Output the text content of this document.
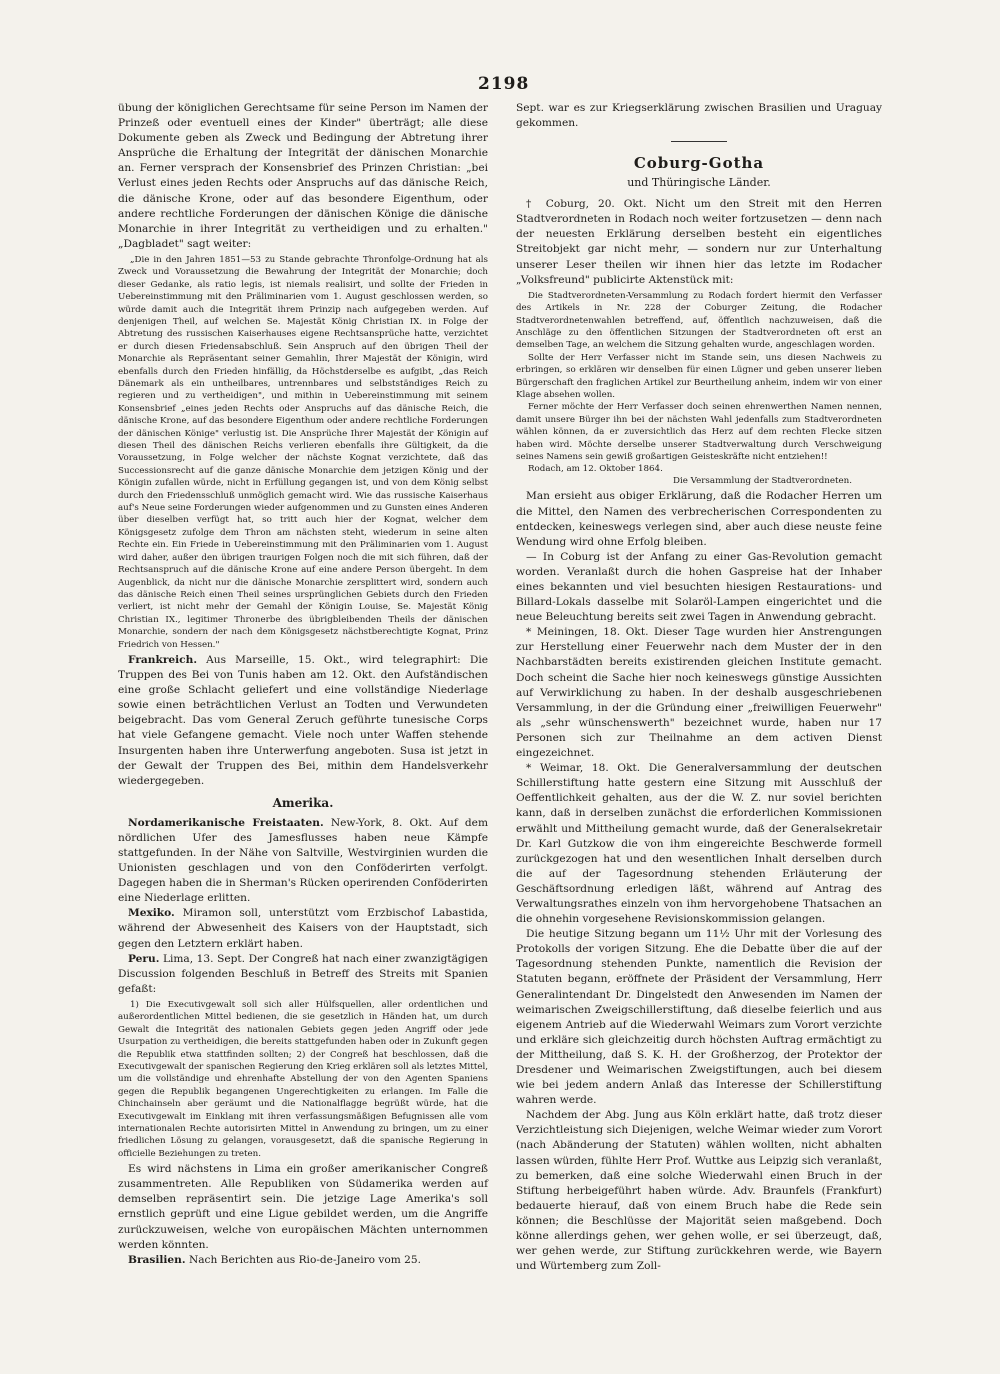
2198

übung der königlichen Gerechtsame für seine Person im Namen der Prinzeß oder eventuell eines der Kinder" überträgt; alle diese Dokumente geben als Zweck und Bedingung der Abtretung ihrer Ansprüche die Erhaltung der Integrität der dänischen Monarchie an. Ferner versprach der Konsensbrief des Prinzen Christian: „bei Verlust eines jeden Rechts oder Anspruchs auf das dänische Reich, die dänische Krone, oder auf das besondere Eigenthum, oder andere rechtliche Forderungen der dänischen Könige die dänische Monarchie in ihrer Integrität zu vertheidigen und zu erhalten." „Dagbladet" sagt weiter:

„Die in den Jahren 1851—53 zu Stande gebrachte Thronfolge-Ordnung hat als Zweck und Voraussetzung die Bewahrung der Integrität der Monarchie; doch dieser Gedanke, als ratio legis, ist niemals realisirt, und sollte der Frieden in Uebereinstimmung mit den Präliminarien vom 1. August geschlossen werden, so würde damit auch die Integrität ihrem Prinzip nach aufgegeben werden. Auf denjenigen Theil, auf welchen Se. Majestät König Christian IX. in Folge der Abtretung des russischen Kaiserhauses eigene Rechtsansprüche hatte, verzichtet er durch diesen Friedensabschluß. Sein Anspruch auf den übrigen Theil der Monarchie als Repräsentant seiner Gemahlin, Ihrer Majestät der Königin, wird ebenfalls durch den Frieden hinfällig, da Höchstderselbe es aufgibt, „das Reich Dänemark als ein untheilbares, untrennbares und selbstständiges Reich zu regieren und zu vertheidigen", und mithin in Uebereinstimmung mit seinem Konsensbrief „eines jeden Rechts oder Anspruchs auf das dänische Reich, die dänische Krone, auf das besondere Eigenthum oder andere rechtliche Forderungen der dänischen Könige" verlustig ist. Die Ansprüche Ihrer Majestät der Königin auf diesen Theil des dänischen Reichs verlieren ebenfalls ihre Gültigkeit, da die Voraussetzung, in Folge welcher der nächste Kognat verzichtete, daß das Successionsrecht auf die ganze dänische Monarchie dem jetzigen König und der Königin zufallen würde, nicht in Erfüllung gegangen ist, und von dem König selbst durch den Friedensschluß unmöglich gemacht wird. Wie das russische Kaiserhaus auf's Neue seine Forderungen wieder aufgenommen und zu Gunsten eines Anderen über dieselben verfügt hat, so tritt auch hier der Kognat, welcher dem Königsgesetz zufolge dem Thron am nächsten steht, wiederum in seine alten Rechte ein. Ein Friede in Uebereinstimmung mit den Präliminarien vom 1. August wird daher, außer den übrigen traurigen Folgen noch die mit sich führen, daß der Rechtsanspruch auf die dänische Krone auf eine andere Person übergeht. In dem Augenblick, da nicht nur die dänische Monarchie zersplittert wird, sondern auch das dänische Reich einen Theil seines ursprünglichen Gebiets durch den Frieden verliert, ist nicht mehr der Gemahl der Königin Louise, Se. Majestät König Christian IX., legitimer Thronerbe des übrigbleibenden Theils der dänischen Monarchie, sondern der nach dem Königsgesetz nächstberechtigte Kognat, Prinz Friedrich von Hessen."

Frankreich. Aus Marseille, 15. Okt., wird telegraphirt: Die Truppen des Bei von Tunis haben am 12. Okt. den Aufständischen eine große Schlacht geliefert und eine vollständige Niederlage sowie einen beträchtlichen Verlust an Todten und Verwundeten beigebracht. Das vom General Zeruch geführte tunesische Corps hat viele Gefangene gemacht. Viele noch unter Waffen stehende Insurgenten haben ihre Unterwerfung angeboten. Susa ist jetzt in der Gewalt der Truppen des Bei, mithin dem Handelsverkehr wiedergegeben.

Amerika.

Nordamerikanische Freistaaten. New-York, 8. Okt. Auf dem nördlichen Ufer des Jamesflusses haben neue Kämpfe stattgefunden. In der Nähe von Saltville, Westvirginien wurden die Unionisten geschlagen und von den Conföderirten verfolgt. Dagegen haben die in Sherman's Rücken operirenden Conföderirten eine Niederlage erlitten.

Mexiko. Miramon soll, unterstützt vom Erzbischof Labastida, während der Abwesenheit des Kaisers von der Hauptstadt, sich gegen den Letztern erklärt haben.

Peru. Lima, 13. Sept. Der Congreß hat nach einer zwanzigtägigen Discussion folgenden Beschluß in Betreff des Streits mit Spanien gefaßt:

1) Die Executivgewalt soll sich aller Hülfsquellen, aller ordentlichen und außerordentlichen Mittel bedienen, die sie gesetzlich in Händen hat, um durch Gewalt die Integrität des nationalen Gebiets gegen jeden Angriff oder jede Usurpation zu vertheidigen, die bereits stattgefunden haben oder in Zukunft gegen die Republik etwa stattfinden sollten; 2) der Congreß hat beschlossen, daß die Executivgewalt der spanischen Regierung den Krieg erklären soll als letztes Mittel, um die vollständige und ehrenhafte Abstellung der von den Agenten Spaniens gegen die Republik begangenen Ungerechtigkeiten zu erlangen. Im Falle die Chinchainseln aber geräumt und die Nationalflagge begrüßt würde, hat die Executivgewalt im Einklang mit ihren verfassungsmäßigen Befugnissen alle vom internationalen Rechte autorisirten Mittel in Anwendung zu bringen, um zu einer friedlichen Lösung zu gelangen, vorausgesetzt, daß die spanische Regierung in officielle Beziehungen zu treten.

Es wird nächstens in Lima ein großer amerikanischer Congreß zusammentreten. Alle Republiken von Südamerika werden auf demselben repräsentirt sein. Die jetzige Lage Amerika's soll ernstlich geprüft und eine Ligue gebildet werden, um die Angriffe zurückzuweisen, welche von europäischen Mächten unternommen werden könnten.

Brasilien. Nach Berichten aus Rio-de-Janeiro vom 25.

Sept. war es zur Kriegserklärung zwischen Brasilien und Uraguay gekommen.

Coburg-Gotha
und Thüringische Länder.

† Coburg, 20. Okt. Nicht um den Streit mit den Herren Stadtverordneten in Rodach noch weiter fortzusetzen — denn nach der neuesten Erklärung derselben besteht ein eigentliches Streitobjekt gar nicht mehr, — sondern nur zur Unterhaltung unserer Leser theilen wir ihnen hier das letzte im Rodacher „Volksfreund" publicirte Aktenstück mit:

Die Stadtverordneten-Versammlung zu Rodach fordert hiermit den Verfasser des Artikels in Nr. 228 der Coburger Zeitung, die Rodacher Stadtverordnetenwahlen betreffend, auf, öffentlich nachzuweisen, daß die Anschläge zu den öffentlichen Sitzungen der Stadtverordneten oft erst an demselben Tage, an welchem die Sitzung gehalten wurde, angeschlagen worden.

Sollte der Herr Verfasser nicht im Stande sein, uns diesen Nachweis zu erbringen, so erklären wir denselben für einen Lügner und geben unserer lieben Bürgerschaft den fraglichen Artikel zur Beurtheilung anheim, indem wir von einer Klage absehen wollen.

Ferner möchte der Herr Verfasser doch seinen ehrenwerthen Namen nennen, damit unsere Bürger ihn bei der nächsten Wahl jedenfalls zum Stadtverordneten wählen können, da er zuversichtlich das Herz auf dem rechten Flecke sitzen haben wird. Möchte derselbe unserer Stadtverwaltung durch Verschweigung seines Namens sein gewiß großartigen Geisteskräfte nicht entziehen!!

Rodach, am 12. Oktober 1864.

Die Versammlung der Stadtverordneten.

Man ersieht aus obiger Erklärung, daß die Rodacher Herren um die Mittel, den Namen des verbrecherischen Correspondenten zu entdecken, keineswegs verlegen sind, aber auch diese neuste feine Wendung wird ohne Erfolg bleiben.

— In Coburg ist der Anfang zu einer Gas-Revolution gemacht worden. Veranlaßt durch die hohen Gaspreise hat der Inhaber eines bekannten und viel besuchten hiesigen Restaurations- und Billard-Lokals dasselbe mit Solaröl-Lampen eingerichtet und die neue Beleuchtung bereits seit zwei Tagen in Anwendung gebracht.

* Meiningen, 18. Okt. Dieser Tage wurden hier Anstrengungen zur Herstellung einer Feuerwehr nach dem Muster der in den Nachbarstädten bereits existirenden gleichen Institute gemacht. Doch scheint die Sache hier noch keineswegs günstige Aussichten auf Verwirklichung zu haben. In der deshalb ausgeschriebenen Versammlung, in der die Gründung einer „freiwilligen Feuerwehr" als „sehr wünschenswerth" bezeichnet wurde, haben nur 17 Personen sich zur Theilnahme an dem activen Dienst eingezeichnet.

* Weimar, 18. Okt. Die Generalversammlung der deutschen Schillerstiftung hatte gestern eine Sitzung mit Ausschluß der Oeffentlichkeit gehalten, aus der die W. Z. nur soviel berichten kann, daß in derselben zunächst die erforderlichen Kommissionen erwählt und Mittheilung gemacht wurde, daß der Generalsekretair Dr. Karl Gutzkow die von ihm eingereichte Beschwerde formell zurückgezogen hat und den wesentlichen Inhalt derselben durch die auf der Tagesordnung stehenden Erläuterung der Geschäftsordnung erledigen läßt, während auf Antrag des Verwaltungsrathes einzeln von ihm hervorgehobene Thatsachen an die ohnehin vorgesehene Revisionskommission gelangen.

Die heutige Sitzung begann um 11½ Uhr mit der Vorlesung des Protokolls der vorigen Sitzung. Ehe die Debatte über die auf der Tagesordnung stehenden Punkte, namentlich die Revision der Statuten begann, eröffnete der Präsident der Versammlung, Herr Generalintendant Dr. Dingelstedt den Anwesenden im Namen der weimarischen Zweigschillerstiftung, daß dieselbe feierlich und aus eigenem Antrieb auf die Wiederwahl Weimars zum Vorort verzichte und erkläre sich gleichzeitig durch höchsten Auftrag ermächtigt zu der Mittheilung, daß S. K. H. der Großherzog, der Protektor der Dresdener und Weimarischen Zweigstiftungen, auch bei diesem wie bei jedem andern Anlaß das Interesse der Schillerstiftung wahren werde.

Nachdem der Abg. Jung aus Köln erklärt hatte, daß trotz dieser Verzichtleistung sich Diejenigen, welche Weimar wieder zum Vorort (nach Abänderung der Statuten) wählen wollten, nicht abhalten lassen würden, fühlte Herr Prof. Wuttke aus Leipzig sich veranlaßt, zu bemerken, daß eine solche Wiederwahl einen Bruch in der Stiftung herbeigeführt haben würde. Adv. Braunfels (Frankfurt) bedauerte hierauf, daß von einem Bruch habe die Rede sein können; die Beschlüsse der Majorität seien maßgebend. Doch könne allerdings gehen, wer gehen wolle, er sei überzeugt, daß, wer gehen werde, zur Stiftung zurückkehren werde, wie Bayern und Würtemberg zum Zoll-
